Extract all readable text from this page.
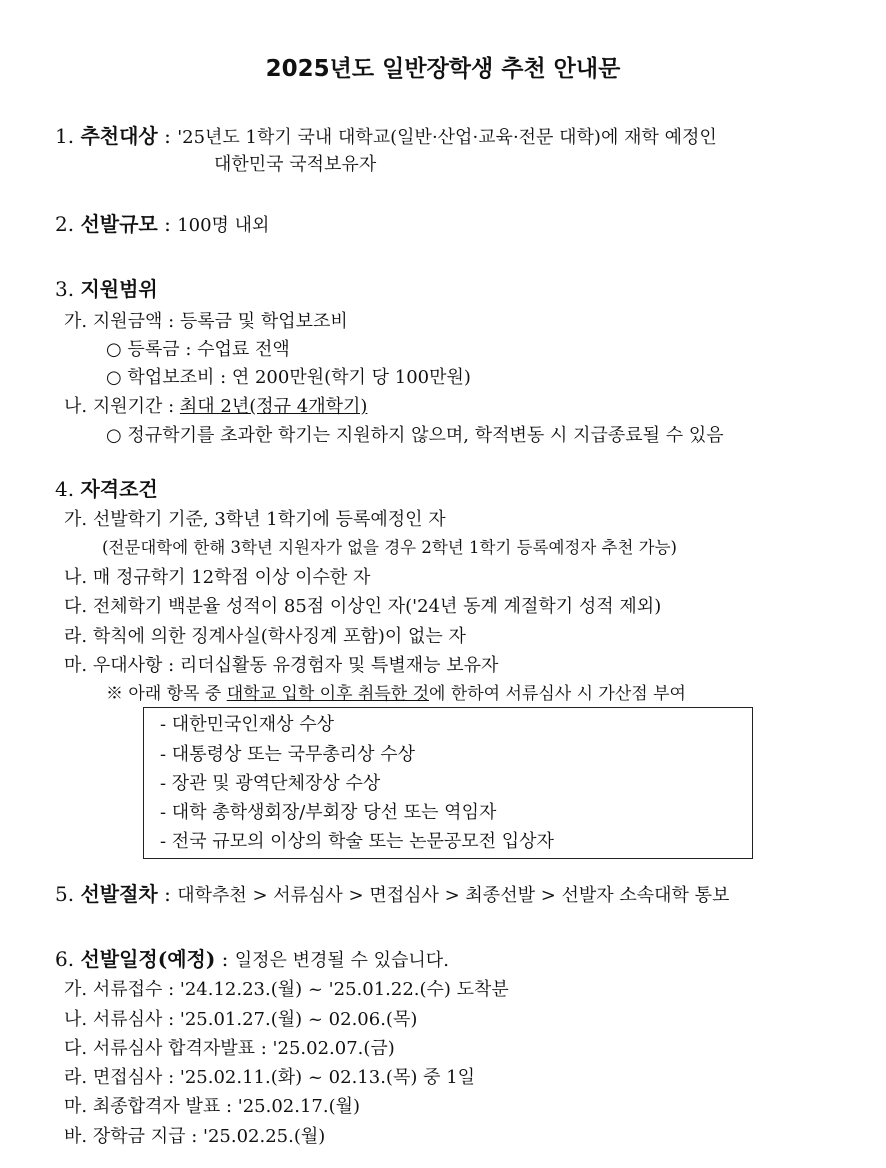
2025년도 일반장학생 추천 안내문
1. 추천대상 : '25년도 1학기 국내 대학교(일반·산업·교육·전문 대학)에 재학 예정인
대한민국 국적보유자
2. 선발규모 : 100명 내외
3. 지원범위
가. 지원금액 : 등록금 및 학업보조비
○ 등록금 : 수업료 전액
○ 학업보조비 : 연 200만원(학기 당 100만원)
나. 지원기간 : 최대 2년(정규 4개학기)
○ 정규학기를 초과한 학기는 지원하지 않으며, 학적변동 시 지급종료될 수 있음
4. 자격조건
가. 선발학기 기준, 3학년 1학기에 등록예정인 자
(전문대학에 한해 3학년 지원자가 없을 경우 2학년 1학기 등록예정자 추천 가능)
나. 매 정규학기 12학점 이상 이수한 자
다. 전체학기 백분율 성적이 85점 이상인 자('24년 동계 계절학기 성적 제외)
라. 학칙에 의한 징계사실(학사징계 포함)이 없는 자
마. 우대사항 : 리더십활동 유경험자 및 특별재능 보유자
※ 아래 항목 중 대학교 입학 이후 취득한 것에 한하여 서류심사 시 가산점 부여
- 대한민국인재상 수상
- 대통령상 또는 국무총리상 수상
- 장관 및 광역단체장상 수상
- 대학 총학생회장/부회장 당선 또는 역임자
- 전국 규모의 이상의 학술 또는 논문공모전 입상자
5. 선발절차 : 대학추천 > 서류심사 > 면접심사 > 최종선발 > 선발자 소속대학 통보
6. 선발일정(예정) : 일정은 변경될 수 있습니다.
가. 서류접수 : '24.12.23.(월) ~ '25.01.22.(수) 도착분
나. 서류심사 : '25.01.27.(월) ~ 02.06.(목)
다. 서류심사 합격자발표 : '25.02.07.(금)
라. 면접심사 : '25.02.11.(화) ~ 02.13.(목) 중 1일
마. 최종합격자 발표 : '25.02.17.(월)
바. 장학금 지급 : '25.02.25.(월)
